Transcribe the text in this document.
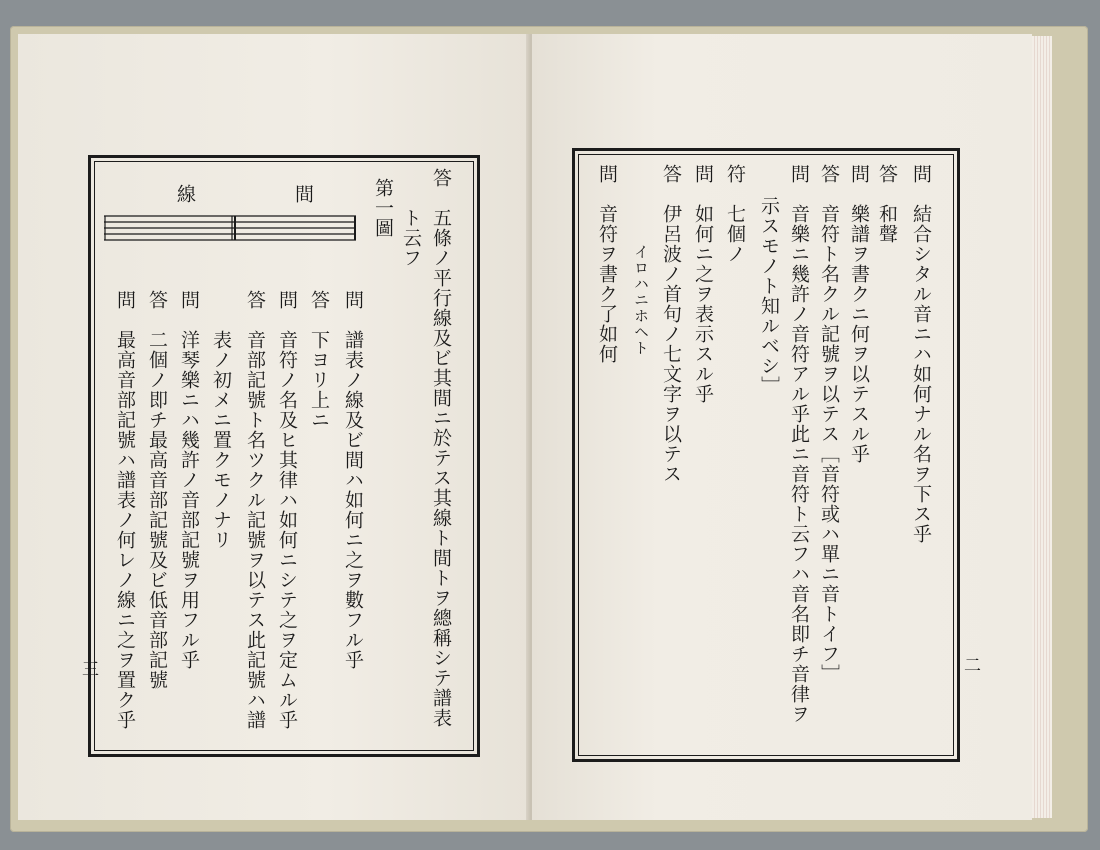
問　結合シタル音ニハ如何ナル名ヲ下ス乎
答　和聲
問　樂譜ヲ書クニ何ヲ以テスル乎
答　音符ト名クル記號ヲ以テス［音符或ハ單ニ音トイフ］
問　音樂ニ幾許ノ音符アル乎此ニ音符ト云フハ音名即チ音律ヲ
示スモノト知ルベシ］
符　七個ノ
問　如何ニ之ヲ表示スル乎
答　伊呂波ノ首句ノ七文字ヲ以テス
　　　イロハニホヘト
問　音符ヲ書ク了如何
二
答　五條ノ平行線及ビ其間ニ於テス其線ト間トヲ總稱シテ譜表
　　ト云フ
第一圖
間
線
問　譜表ノ線及ビ間ハ如何ニ之ヲ數フル乎
答　下ヨリ上ニ
問　音符ノ名及ヒ其律ハ如何ニシテ之ヲ定ムル乎
答　音部記號ト名ツクル記號ヲ以テス此記號ハ譜
　　表ノ初メニ置クモノナリ
問　洋琴樂ニハ幾許ノ音部記號ヲ用フル乎
答　二個ノ即チ最高音部記號及ビ低音部記號
問　最高音部記號ハ譜表ノ何レノ線ニ之ヲ置ク乎
三
